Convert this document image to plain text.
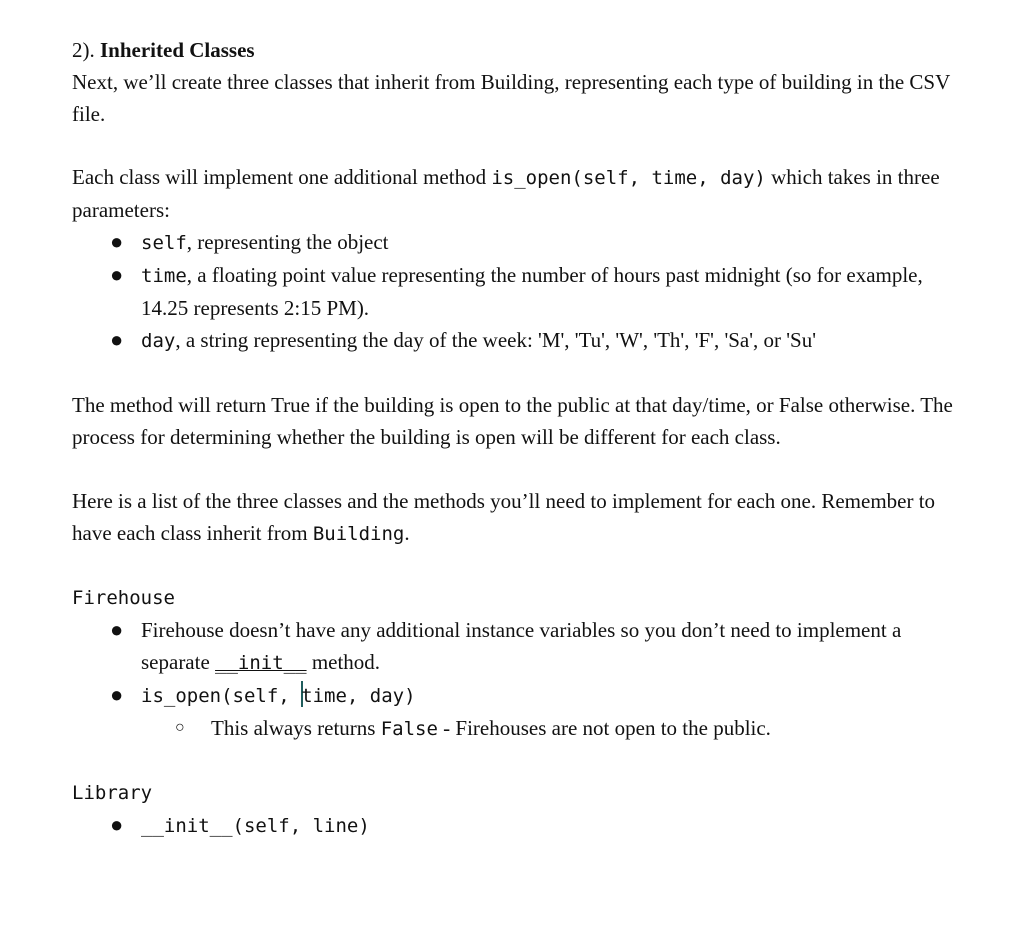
2). Inherited Classes

Next, we’ll create three classes that inherit from Building, representing each type of building in the CSV file.

Each class will implement one additional method is_open(self, time, day) which takes in three parameters:

● self, representing the object
● time, a floating point value representing the number of hours past midnight (so for example, 14.25 represents 2:15 PM).
● day, a string representing the day of the week: 'M', 'Tu', 'W', 'Th', 'F', 'Sa', or 'Su'

The method will return True if the building is open to the public at that day/time, or False otherwise. The process for determining whether the building is open will be different for each class.

Here is a list of the three classes and the methods you’ll need to implement for each one. Remember to have each class inherit from Building.

Firehouse

● Firehouse doesn’t have any additional instance variables so you don’t need to implement a separate __init__ method.
● is_open(self, time, day)
○ This always returns False - Firehouses are not open to the public.

Library

● __init__(self, line)
